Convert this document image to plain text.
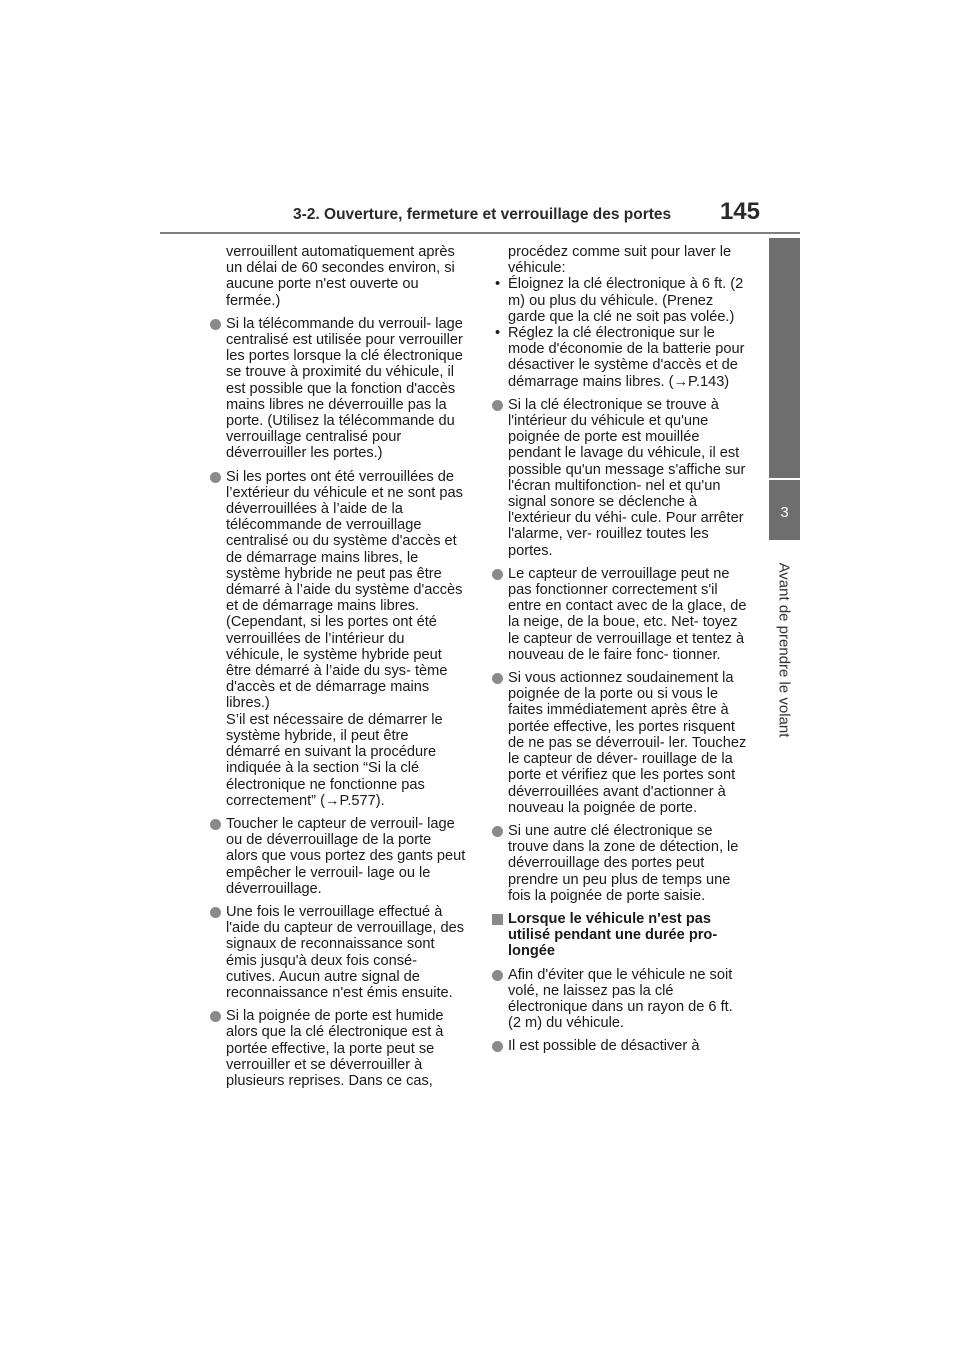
3-2. Ouverture, fermeture et verrouillage des portes 145
3
Avant de prendre le volant

verrouillent automatiquement après un délai de 60 secondes environ, si aucune porte n'est ouverte ou fermée.)

Si la télécommande du verrouil- lage centralisé est utilisée pour verrouiller les portes lorsque la clé électronique se trouve à proximité du véhicule, il est possible que la fonction d'accès mains libres ne déverrouille pas la porte. (Utilisez la télécommande du verrouillage centralisé pour déverrouiller les portes.)

Si les portes ont été verrouillées de l’extérieur du véhicule et ne sont pas déverrouillées à l’aide de la télécommande de verrouillage centralisé ou du système d'accès et de démarrage mains libres, le système hybride ne peut pas être démarré à l’aide du système d'accès et de démarrage mains libres. (Cependant, si les portes ont été verrouillées de l’intérieur du véhicule, le système hybride peut être démarré à l’aide du sys- tème d'accès et de démarrage mains libres.)

S’il est nécessaire de démarrer le système hybride, il peut être démarré en suivant la procédure indiquée à la section “Si la clé électronique ne fonctionne pas correctement” (→P.577).

Toucher le capteur de verrouil- lage ou de déverrouillage de la porte alors que vous portez des gants peut empêcher le verrouil- lage ou le déverrouillage.

Une fois le verrouillage effectué à l'aide du capteur de verrouillage, des signaux de reconnaissance sont émis jusqu'à deux fois consé- cutives. Aucun autre signal de reconnaissance n'est émis ensuite.

Si la poignée de porte est humide alors que la clé électronique est à portée effective, la porte peut se verrouiller et se déverrouiller à plusieurs reprises. Dans ce cas,

procédez comme suit pour laver le véhicule:

• Éloignez la clé électronique à 6 ft. (2 m) ou plus du véhicule. (Prenez garde que la clé ne soit pas volée.)

• Réglez la clé électronique sur le mode d'économie de la batterie pour désactiver le système d'accès et de démarrage mains libres. (→P.143)

Si la clé électronique se trouve à l'intérieur du véhicule et qu'une poignée de porte est mouillée pendant le lavage du véhicule, il est possible qu'un message s'affiche sur l'écran multifonction- nel et qu'un signal sonore se déclenche à l'extérieur du véhi- cule. Pour arrêter l'alarme, ver- rouillez toutes les portes.

Le capteur de verrouillage peut ne pas fonctionner correctement s'il entre en contact avec de la glace, de la neige, de la boue, etc. Net- toyez le capteur de verrouillage et tentez à nouveau de le faire fonc- tionner.

Si vous actionnez soudainement la poignée de la porte ou si vous le faites immédiatement après être à portée effective, les portes risquent de ne pas se déverrouil- ler. Touchez le capteur de déver- rouillage de la porte et vérifiez que les portes sont déverrouillées avant d'actionner à nouveau la poignée de porte.

Si une autre clé électronique se trouve dans la zone de détection, le déverrouillage des portes peut prendre un peu plus de temps une fois la poignée de porte saisie.

Lorsque le véhicule n'est pas utilisé pendant une durée pro- longée

Afin d'éviter que le véhicule ne soit volé, ne laissez pas la clé électronique dans un rayon de 6 ft. (2 m) du véhicule.

Il est possible de désactiver à
